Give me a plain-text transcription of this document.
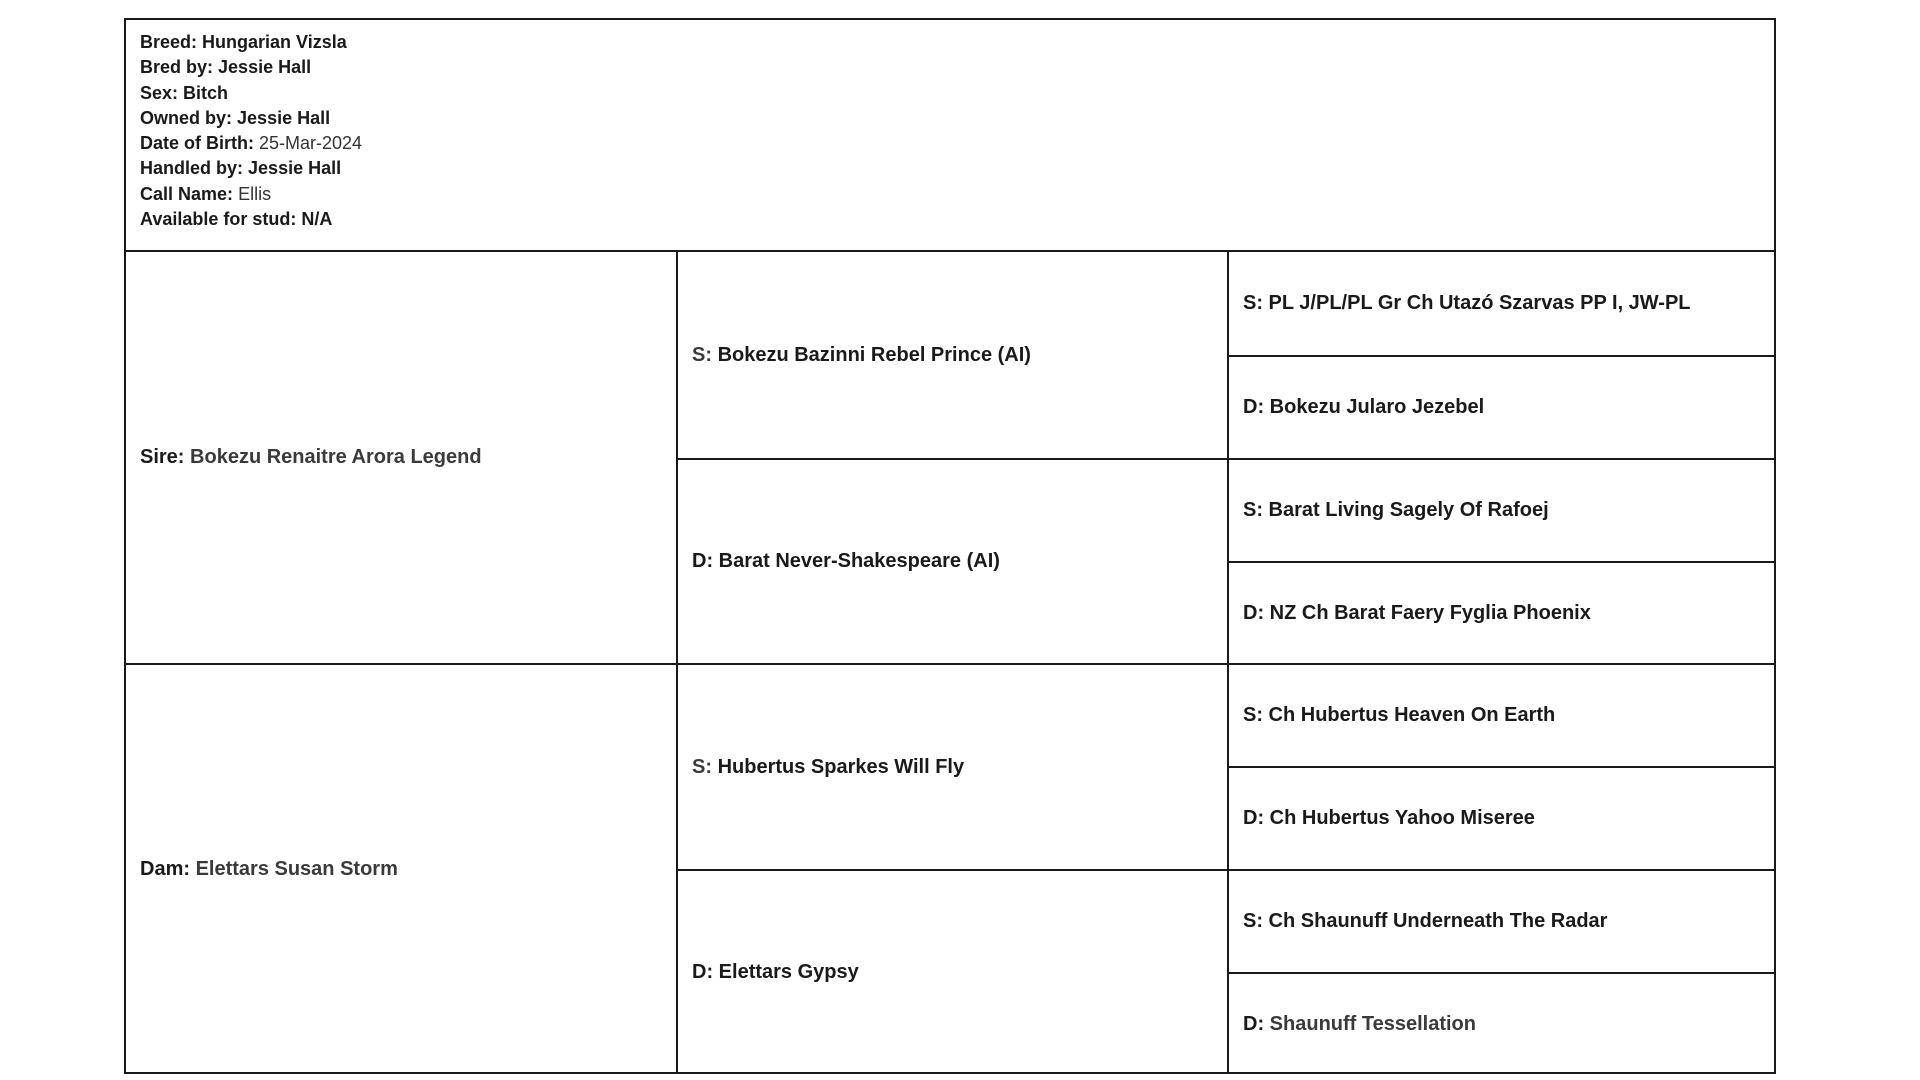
Breed: Hungarian Vizsla
Bred by: Jessie Hall
Sex: Bitch
Owned by: Jessie Hall
Date of Birth: 25-Mar-2024
Handled by: Jessie Hall
Call Name: Ellis
Available for stud: N/A
Sire:
Bokezu Renaitre Arora Legend
Dam:
Elettars Susan Storm
S:
Bokezu Bazinni Rebel Prince (AI)
D:
Barat Never-Shakespeare (AI)
S:
Hubertus Sparkes Will Fly
D:
Elettars Gypsy
S: PL J/PL/PL Gr Ch Utazó Szarvas PP I, JW-PL
D: Bokezu Jularo Jezebel
S: Barat Living Sagely Of Rafoej
D: NZ Ch Barat Faery Fyglia Phoenix
S: Ch Hubertus Heaven On Earth
D: Ch Hubertus Yahoo Miseree
S: Ch Shaunuff Underneath The Radar
D:
Shaunuff Tessellation
